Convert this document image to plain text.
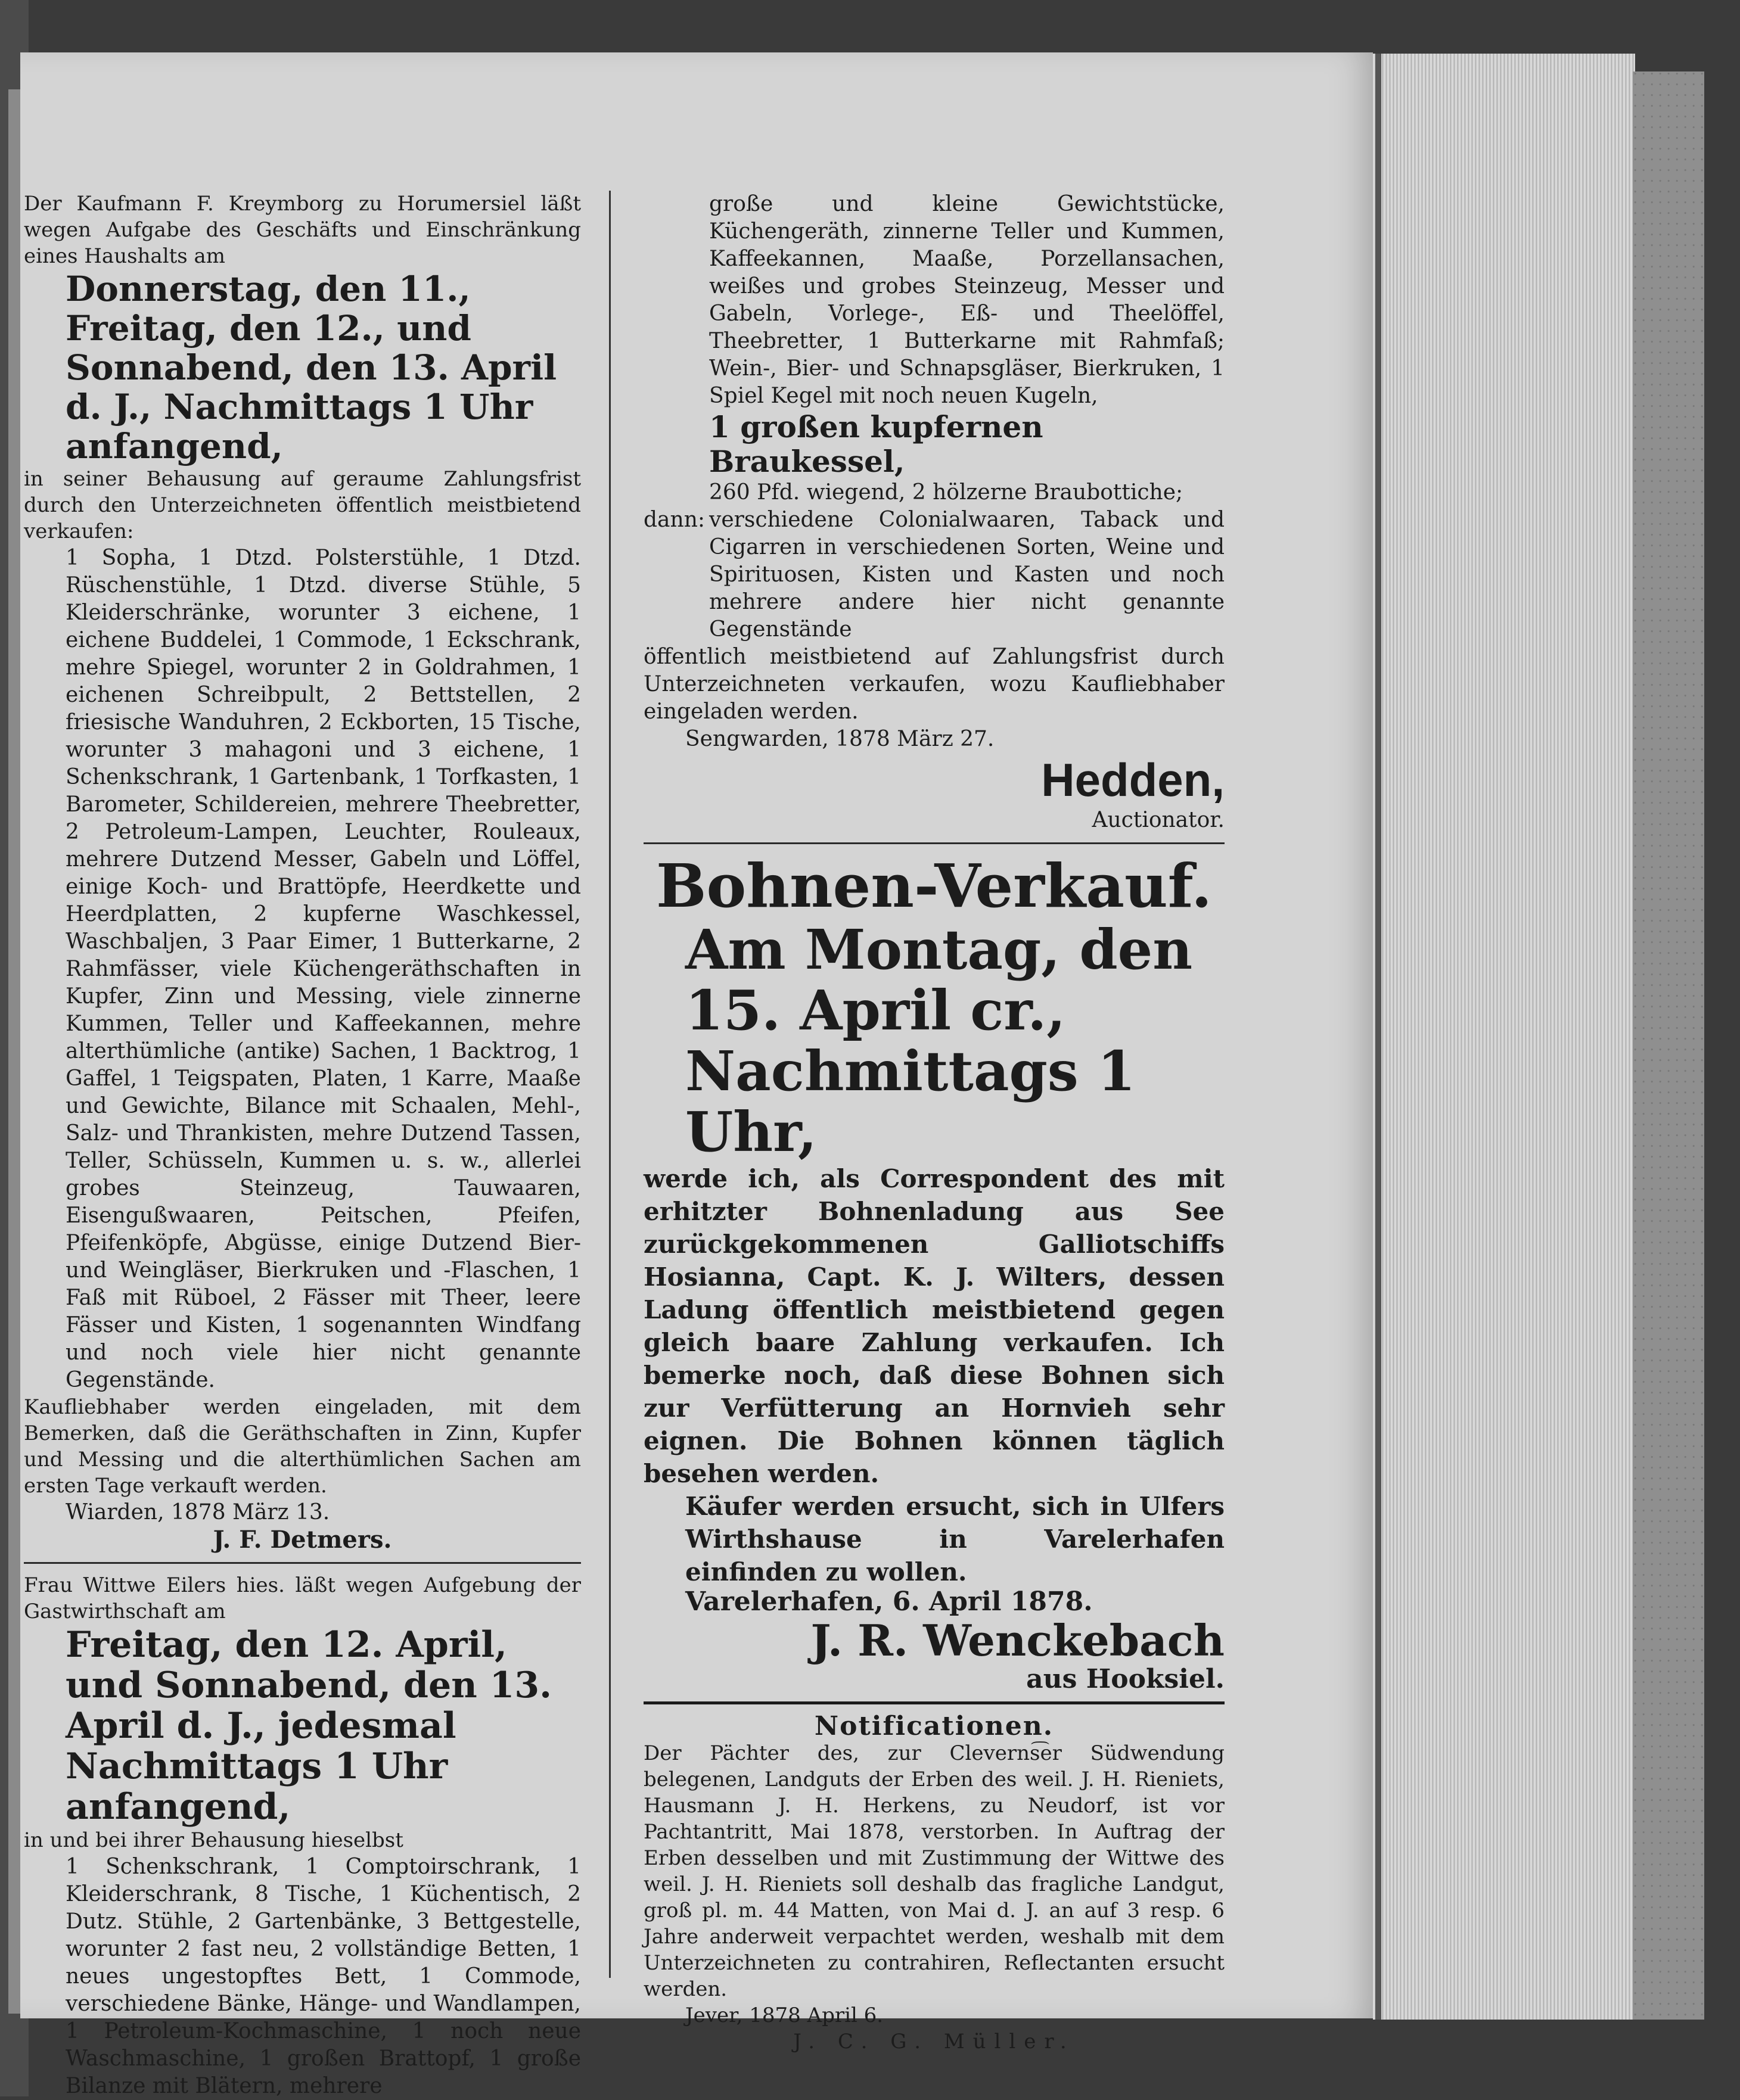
Der Kaufmann F. Kreymborg zu Horumersiel läßt wegen Aufgabe des Geschäfts und Einschränkung eines Haushalts am

Donnerstag, den 11., Freitag, den 12., und Sonnabend, den 13. April d. J., Nachmittags 1 Uhr anfangend,

in seiner Behausung auf geraume Zahlungsfrist durch den Unterzeichneten öffentlich meistbietend verkaufen:

1 Sopha, 1 Dtzd. Polsterstühle, 1 Dtzd. Rüschenstühle, 1 Dtzd. diverse Stühle, 5 Kleiderschränke, worunter 3 eichene, 1 eichene Buddelei, 1 Commode, 1 Eckschrank, mehre Spiegel, worunter 2 in Goldrahmen, 1 eichenen Schreibpult, 2 Bettstellen, 2 friesische Wanduhren, 2 Eckborten, 15 Tische, worunter 3 mahagoni und 3 eichene, 1 Schenkschrank, 1 Gartenbank, 1 Torfkasten, 1 Barometer, Schildereien, mehrere Theebretter, 2 Petroleum-Lampen, Leuchter, Rouleaux, mehrere Dutzend Messer, Gabeln und Löffel, einige Koch- und Brattöpfe, Heerdkette und Heerdplatten, 2 kupferne Waschkessel, Waschbaljen, 3 Paar Eimer, 1 Butterkarne, 2 Rahmfässer, viele Küchengeräthschaften in Kupfer, Zinn und Messing, viele zinnerne Kummen, Teller und Kaffeekannen, mehre alterthümliche (antike) Sachen, 1 Backtrog, 1 Gaffel, 1 Teigspaten, Platen, 1 Karre, Maaße und Gewichte, Bilance mit Schaalen, Mehl-, Salz- und Thrankisten, mehre Dutzend Tassen, Teller, Schüsseln, Kummen u. s. w., allerlei grobes Steinzeug, Tauwaaren, Eisengußwaaren, Peitschen, Pfeifen, Pfeifenköpfe, Abgüsse, einige Dutzend Bier- und Weingläser, Bierkruken und -Flaschen, 1 Faß mit Rüboel, 2 Fässer mit Theer, leere Fässer und Kisten, 1 sogenannten Windfang und noch viele hier nicht genannte Gegenstände.

Kaufliebhaber werden eingeladen, mit dem Bemerken, daß die Geräthschaften in Zinn, Kupfer und Messing und die alterthümlichen Sachen am ersten Tage verkauft werden.

Wiarden, 1878 März 13.

J. F. Detmers.

Frau Wittwe Eilers hies. läßt wegen Aufgebung der Gastwirthschaft am

Freitag, den 12. April, und Sonnabend, den 13. April d. J., jedesmal Nachmittags 1 Uhr anfangend,

in und bei ihrer Behausung hieselbst

1 Schenkschrank, 1 Comptoirschrank, 1 Kleiderschrank, 8 Tische, 1 Küchentisch, 2 Dutz. Stühle, 2 Gartenbänke, 3 Bettgestelle, worunter 2 fast neu, 2 vollständige Betten, 1 neues ungestopftes Bett, 1 Commode, verschiedene Bänke, Hänge- und Wandlampen, 1 Petroleum-Kochmaschine, 1 noch neue Waschmaschine, 1 großen Brattopf, 1 große Bilanze mit Blätern, mehrere

große und kleine Gewichtstücke, Küchengeräth, zinnerne Teller und Kummen, Kaffeekannen, Maaße, Porzellansachen, weißes und grobes Steinzeug, Messer und Gabeln, Vorlege-, Eß- und Theelöffel, Theebretter, 1 Butterkarne mit Rahmfaß; Wein-, Bier- und Schnapsgläser, Bierkruken, 1 Spiel Kegel mit noch neuen Kugeln,

1 großen kupfernen Braukessel,

260 Pfd. wiegend, 2 hölzerne Braubottiche;

dann: verschiedene Colonialwaaren, Taback und Cigarren in verschiedenen Sorten, Weine und Spirituosen, Kisten und Kasten und noch mehrere andere hier nicht genannte Gegenstände

öffentlich meistbietend auf Zahlungsfrist durch Unterzeichneten verkaufen, wozu Kaufliebhaber eingeladen werden.

Sengwarden, 1878 März 27.

Hedden,

Auctionator.

Bohnen-Verkauf.

Am Montag, den 15. April cr., Nachmittags 1 Uhr,

werde ich, als Correspondent des mit erhitzter Bohnenladung aus See zurückgekommenen Galliotschiffs Hosianna, Capt. K. J. Wilters, dessen Ladung öffentlich meistbietend gegen gleich baare Zahlung verkaufen. Ich bemerke noch, daß diese Bohnen sich zur Verfütterung an Hornvieh sehr eignen. Die Bohnen können täglich besehen werden.

Käufer werden ersucht, sich in Ulfers Wirthshause in Varelerhafen einfinden zu wollen.

Varelerhafen, 6. April 1878.

J. R. Wenckebach

aus Hooksiel.

Notificationen.

Der Pächter des, zur Cleverns͡er Südwendung belegenen, Landguts der Erben des weil. J. H. Rieniets, Hausmann J. H. Herkens, zu Neudorf, ist vor Pachtantritt, Mai 1878, verstorben. In Auftrag der Erben desselben und mit Zustimmung der Wittwe des weil. J. H. Rieniets soll deshalb das fragliche Landgut, groß pl. m. 44 Matten, von Mai d. J. an auf 3 resp. 6 Jahre anderweit verpachtet werden, weshalb mit dem Unterzeichneten zu contrahiren, Reflectanten ersucht werden.

Jever, 1878 April 6.

J. C. G. Müller.
